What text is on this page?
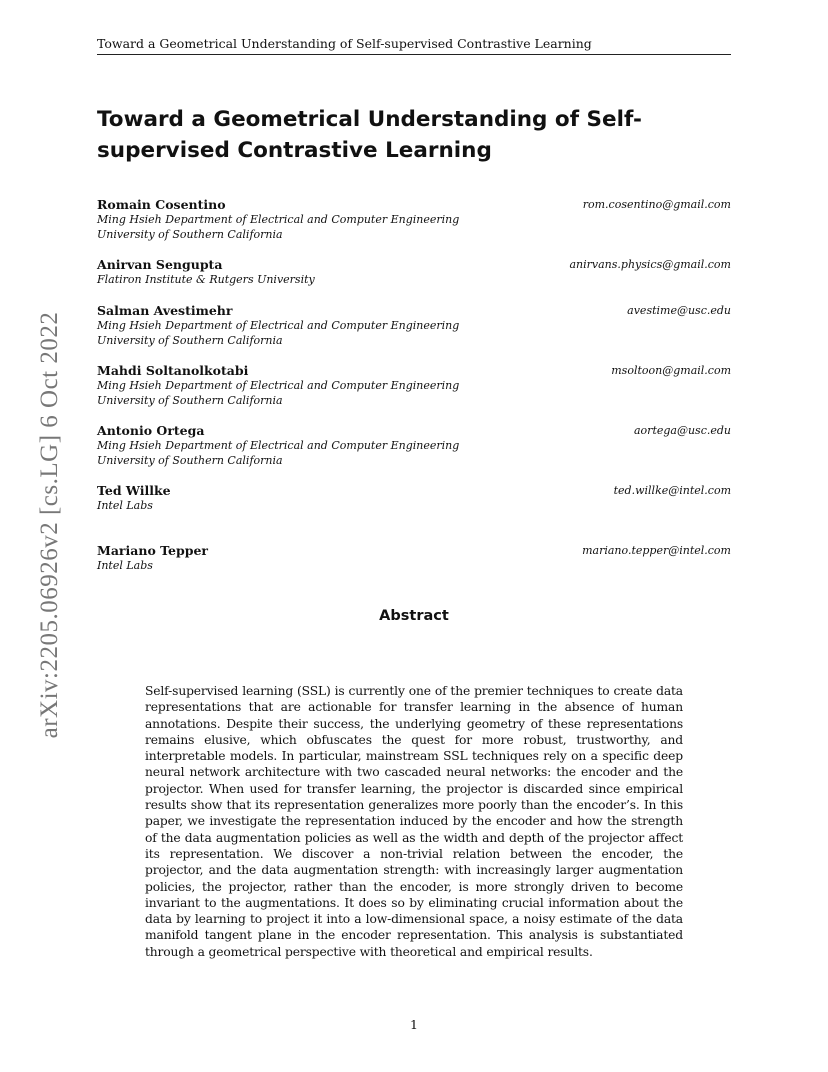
Toward a Geometrical Understanding of Self-supervised Contrastive Learning
arXiv:2205.06926v2 [cs.LG] 6 Oct 2022
Toward a Geometrical Understanding of Self-supervised Contrastive Learning
Romain Cosentino
Ming Hsieh Department of Electrical and Computer Engineering
University of Southern California
rom.cosentino@gmail.com
Anirvan Sengupta
Flatiron Institute & Rutgers University
anirvans.physics@gmail.com
Salman Avestimehr
Ming Hsieh Department of Electrical and Computer Engineering
University of Southern California
avestime@usc.edu
Mahdi Soltanolkotabi
Ming Hsieh Department of Electrical and Computer Engineering
University of Southern California
msoltoon@gmail.com
Antonio Ortega
Ming Hsieh Department of Electrical and Computer Engineering
University of Southern California
aortega@usc.edu
Ted Willke
Intel Labs
ted.willke@intel.com
Mariano Tepper
Intel Labs
mariano.tepper@intel.com
Abstract
Self-supervised learning (SSL) is currently one of the premier techniques to create data representations that are actionable for transfer learning in the absence of human annotations. Despite their success, the underlying geometry of these representations remains elusive, which obfuscates the quest for more robust, trustworthy, and interpretable models. In particular, mainstream SSL techniques rely on a specific deep neural network architecture with two cascaded neural networks: the encoder and the projector. When used for transfer learning, the projector is discarded since empirical results show that its representation generalizes more poorly than the encoder’s. In this paper, we investigate the representation induced by the encoder and how the strength of the data augmentation policies as well as the width and depth of the projector affect its representation. We discover a non-trivial relation between the encoder, the projector, and the data augmentation strength: with increasingly larger augmentation policies, the projector, rather than the encoder, is more strongly driven to become invariant to the augmentations. It does so by eliminating crucial information about the data by learning to project it into a low-dimensional space, a noisy estimate of the data manifold tangent plane in the encoder representation. This analysis is substantiated through a geometrical perspective with theoretical and empirical results.
1
